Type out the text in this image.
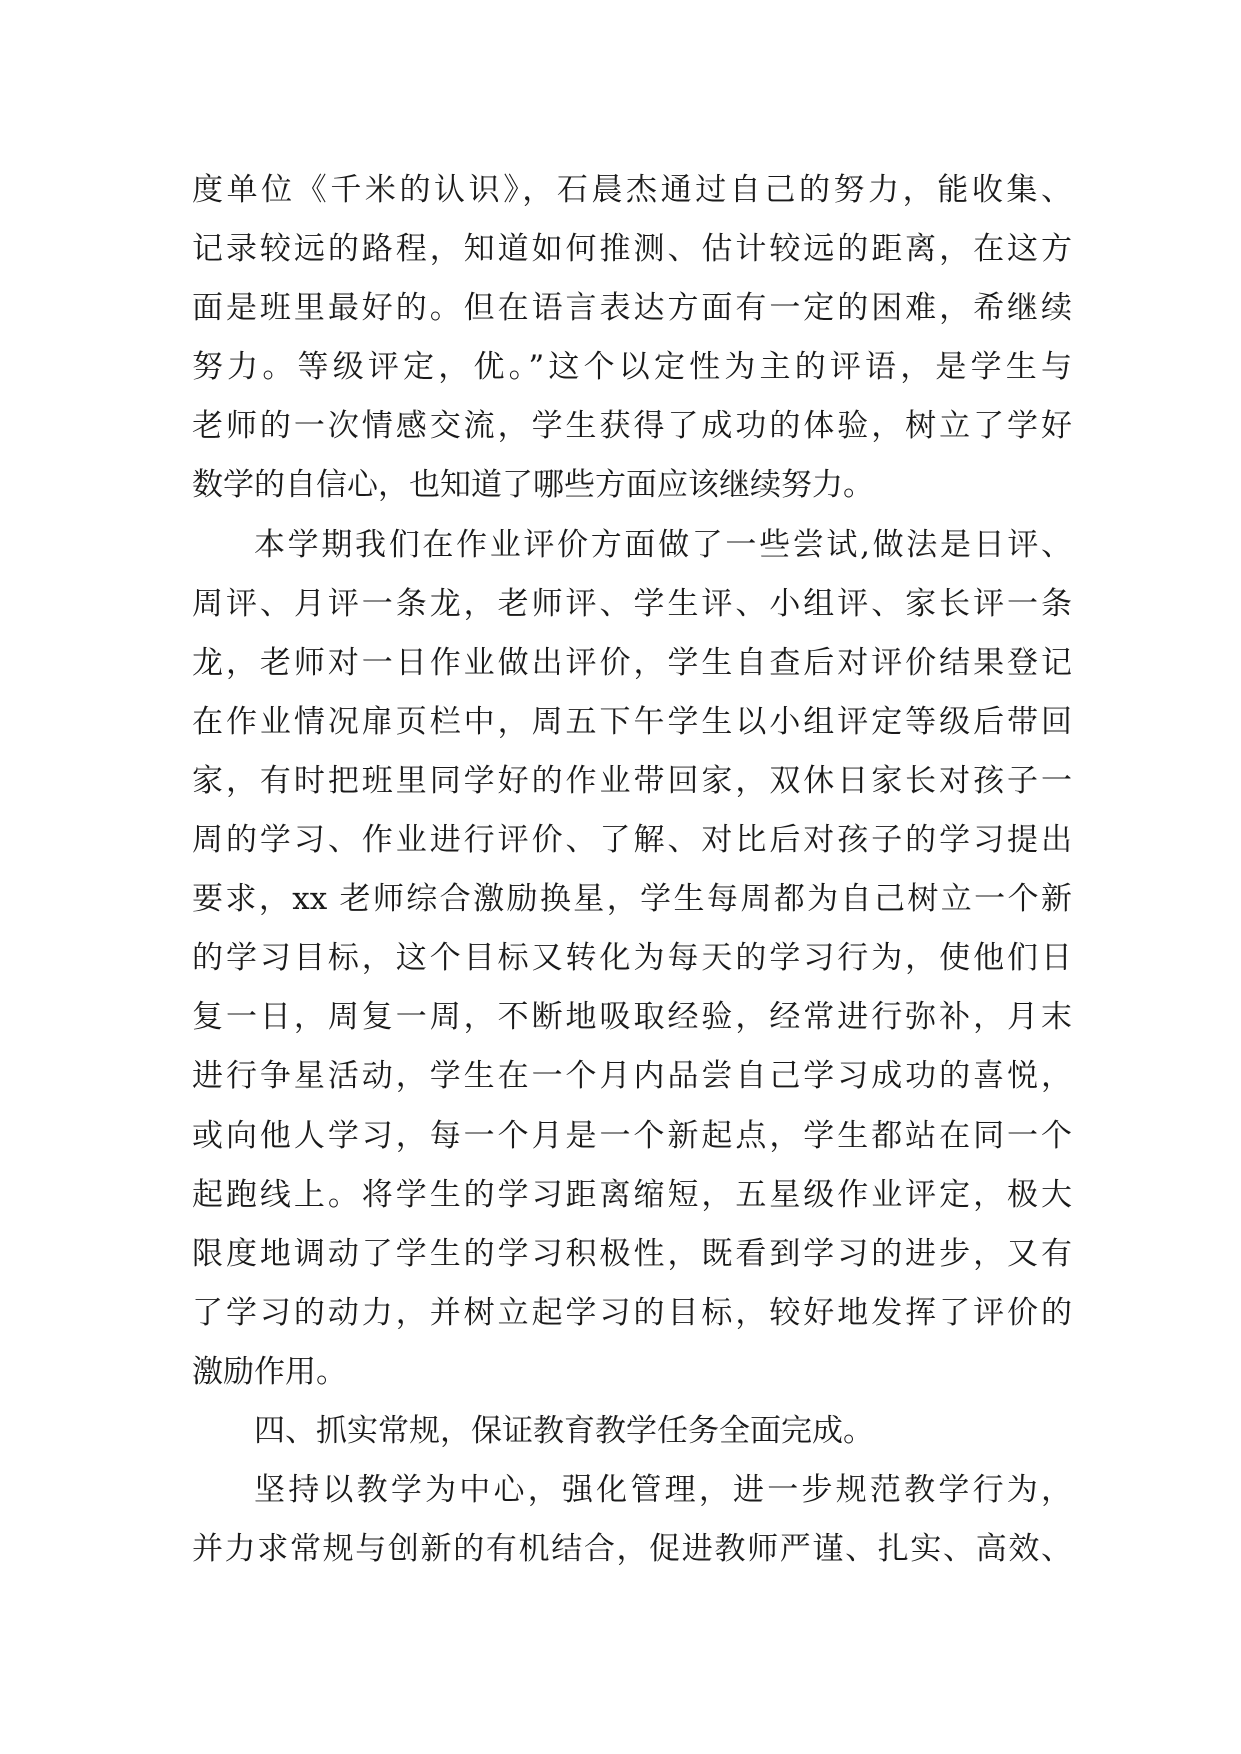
度单位《千米的认识》，石晨杰通过自己的努力，能收集、
记录较远的路程，知道如何推测、估计较远的距离，在这方
面是班里最好的。但在语言表达方面有一定的困难，希继续
努力。等级评定，优。”这个以定性为主的评语，是学生与
老师的一次情感交流，学生获得了成功的体验，树立了学好
数学的自信心，也知道了哪些方面应该继续努力。
本学期我们在作业评价方面做了一些尝试,做法是日评、
周评、月评一条龙，老师评、学生评、小组评、家长评一条
龙，老师对一日作业做出评价，学生自查后对评价结果登记
在作业情况扉页栏中，周五下午学生以小组评定等级后带回
家，有时把班里同学好的作业带回家，双休日家长对孩子一
周的学习、作业进行评价、了解、对比后对孩子的学习提出
要求，xx 老师综合激励换星，学生每周都为自己树立一个新
的学习目标，这个目标又转化为每天的学习行为，使他们日
复一日，周复一周，不断地吸取经验，经常进行弥补，月末
进行争星活动，学生在一个月内品尝自己学习成功的喜悦，
或向他人学习，每一个月是一个新起点，学生都站在同一个
起跑线上。将学生的学习距离缩短，五星级作业评定，极大
限度地调动了学生的学习积极性，既看到学习的进步，又有
了学习的动力，并树立起学习的目标，较好地发挥了评价的
激励作用。
四、抓实常规，保证教育教学任务全面完成。
坚持以教学为中心，强化管理，进一步规范教学行为，
并力求常规与创新的有机结合，促进教师严谨、扎实、高效、
